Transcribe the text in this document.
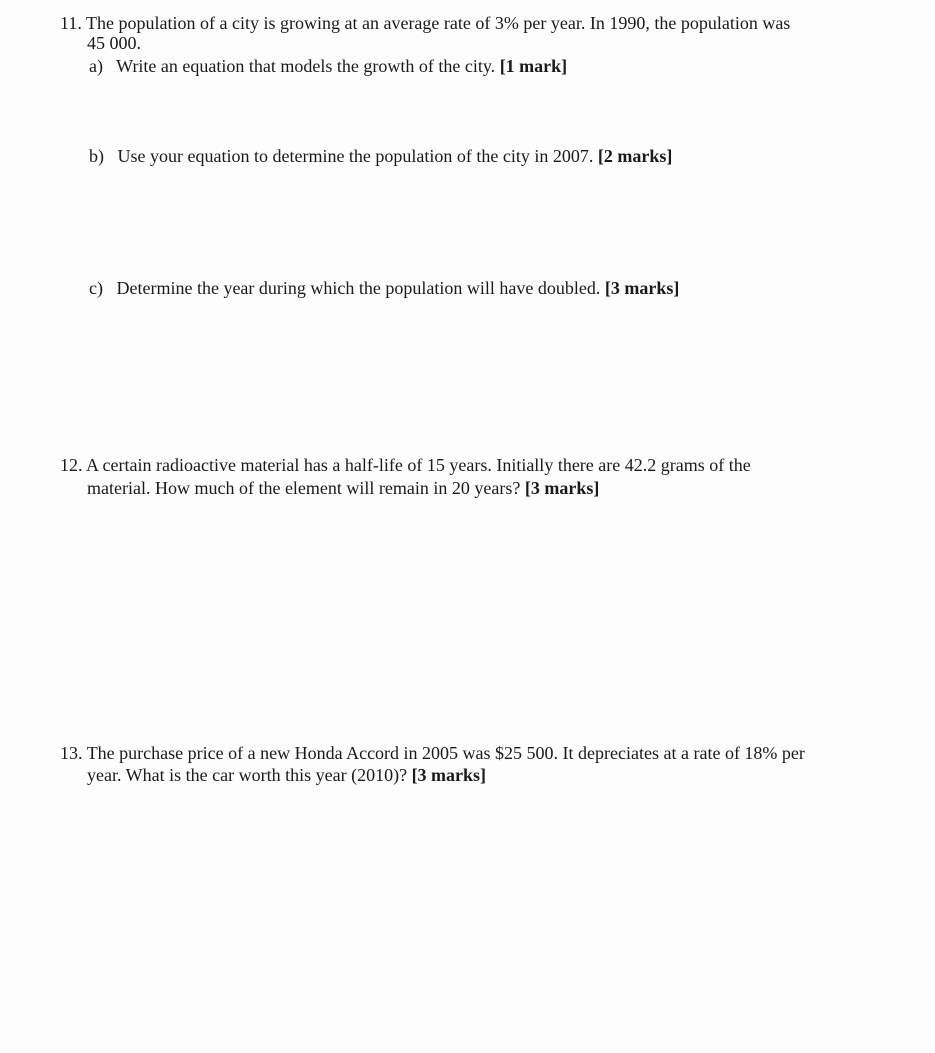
11. The population of a city is growing at an average rate of 3% per year. In 1990, the population was
45 000.
a) Write an equation that models the growth of the city. [1 mark]
b) Use your equation to determine the population of the city in 2007. [2 marks]
c) Determine the year during which the population will have doubled. [3 marks]
12. A certain radioactive material has a half-life of 15 years. Initially there are 42.2 grams of the
material. How much of the element will remain in 20 years? [3 marks]
13. The purchase price of a new Honda Accord in 2005 was $25 500. It depreciates at a rate of 18% per
year. What is the car worth this year (2010)? [3 marks]
